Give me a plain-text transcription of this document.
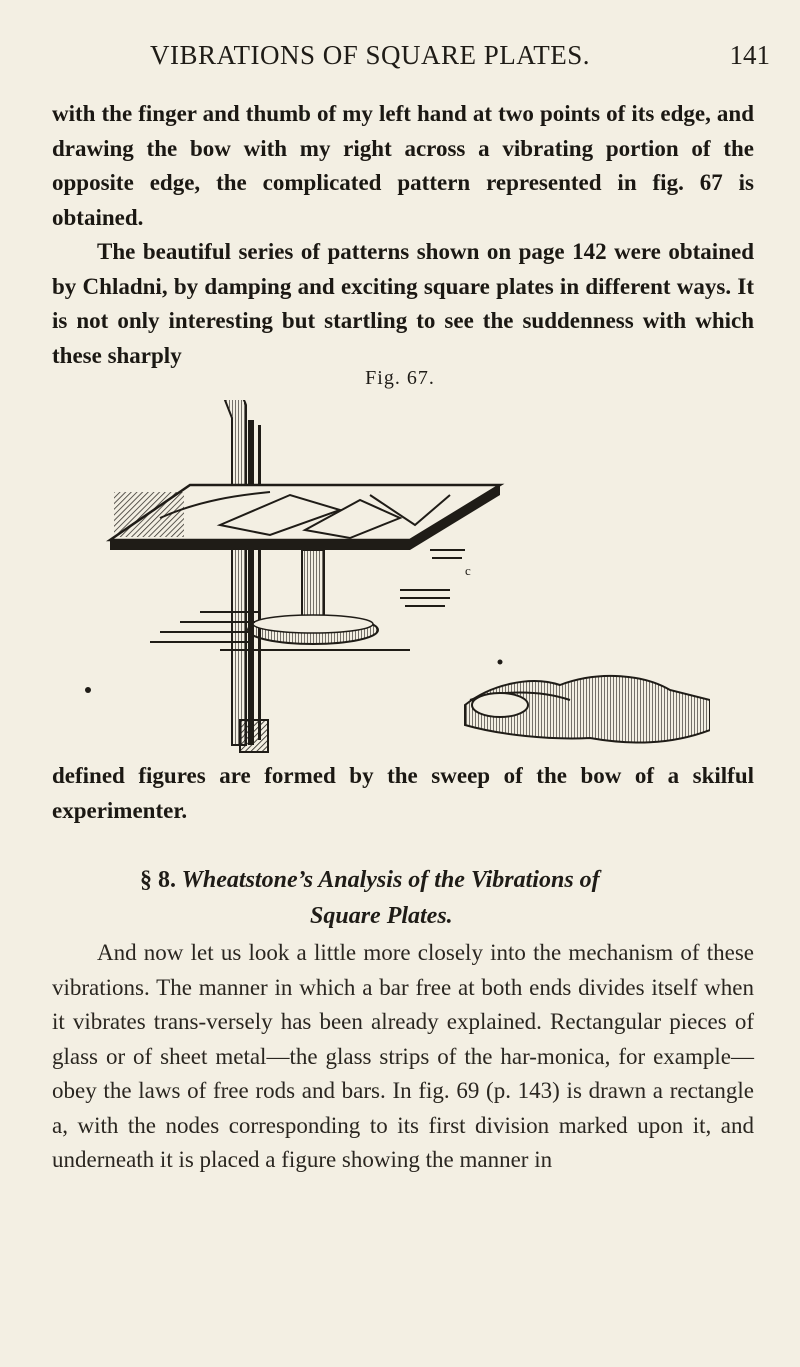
VIBRATIONS OF SQUARE PLATES.	141

with the finger and thumb of my left hand at two points of its edge, and drawing the bow with my right across a vibrating portion of the opposite edge, the complicated pattern represented in fig. 67 is obtained.

The beautiful series of patterns shown on page 142 were obtained by Chladni, by damping and exciting square plates in different ways. It is not only interesting but startling to see the suddenness with which these sharply

Fig. 67.
c

defined figures are formed by the sweep of the bow of a skilful experimenter.

§ 8. Wheatstone’s Analysis of the Vibrations of
Square Plates.

And now let us look a little more closely into the mechanism of these vibrations. The manner in which a bar free at both ends divides itself when it vibrates trans-versely has been already explained. Rectangular pieces of glass or of sheet metal—the glass strips of the har-monica, for example—obey the laws of free rods and bars. In fig. 69 (p. 143) is drawn a rectangle a, with the nodes corresponding to its first division marked upon it, and underneath it is placed a figure showing the manner in
